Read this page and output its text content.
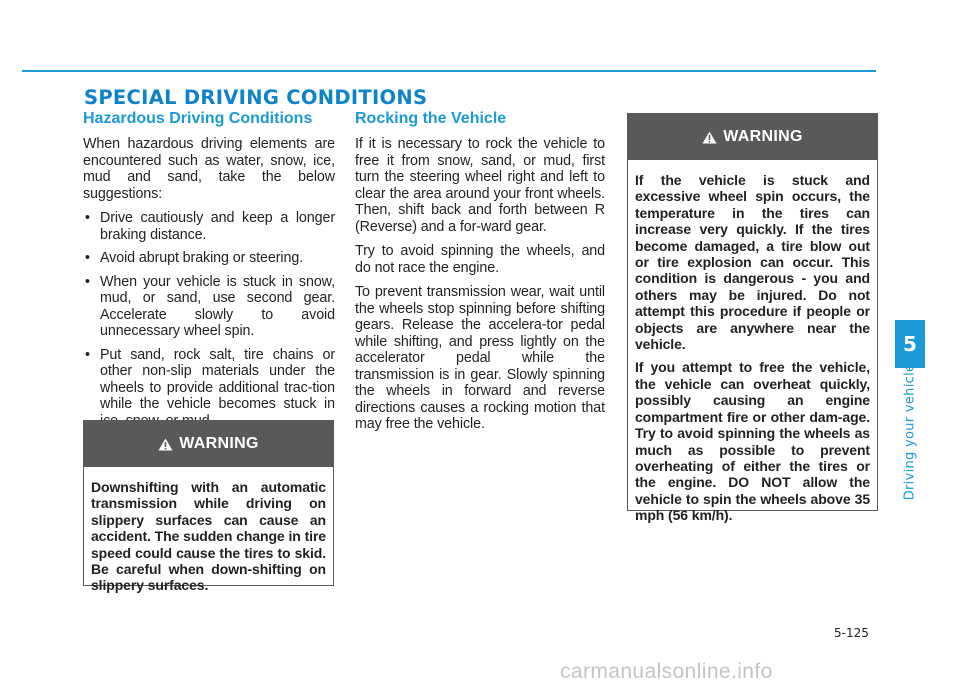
SPECIAL DRIVING CONDITIONS
Hazardous Driving Conditions

When hazardous driving elements are encountered such as water, snow, ice, mud and sand, take the below suggestions:

• Drive cautiously and keep a longer braking distance.
• Avoid abrupt braking or steering.
• When your vehicle is stuck in snow, mud, or sand, use second gear. Accelerate slowly to avoid unnecessary wheel spin.
• Put sand, rock salt, tire chains or other non-slip materials under the wheels to provide additional trac-tion while the vehicle becomes stuck in
WARNING

Downshifting with an automatic transmission while driving on slippery surfaces can cause an accident. The sudden change in tire speed could cause the tires to skid. Be careful when down-shifting on slippery surfaces.

Rocking the Vehicle

If it is necessary to rock the vehicle to free it from snow, sand, or mud, first turn the steering wheel right and left to clear the area around your front wheels. Then, shift back and forth between R (Reverse) and a for-ward gear.

Try to avoid spinning the wheels, and do not race the engine.

To prevent transmission wear, wait until the wheels stop spinning before shifting gears. Release the accelera-tor pedal while shifting, and press lightly on the accelerator pedal while the transmission is in gear. Slowly spinning the wheels in forward and reverse directions causes a rocking motion that may free the vehicle.

WARNING

If the vehicle is stuck and excessive wheel spin occurs, the temperature in the tires can increase very quickly. If the tires become damaged, a tire blow out or tire explosion can occur. This condition is dangerous - you and others may be injured. Do not attempt this procedure if people or objects are anywhere near the vehicle.

If you attempt to free the vehicle, the vehicle can overheat quickly, possibly causing an engine compartment fire or other dam-age. Try to avoid spinning the wheels as much as possible to prevent overheating of either the tires or the engine. DO NOT allow the vehicle to spin the wheels above 35 mph (56 km/h).

5
Driving your vehicle
5-125
carmanualsonline.info
